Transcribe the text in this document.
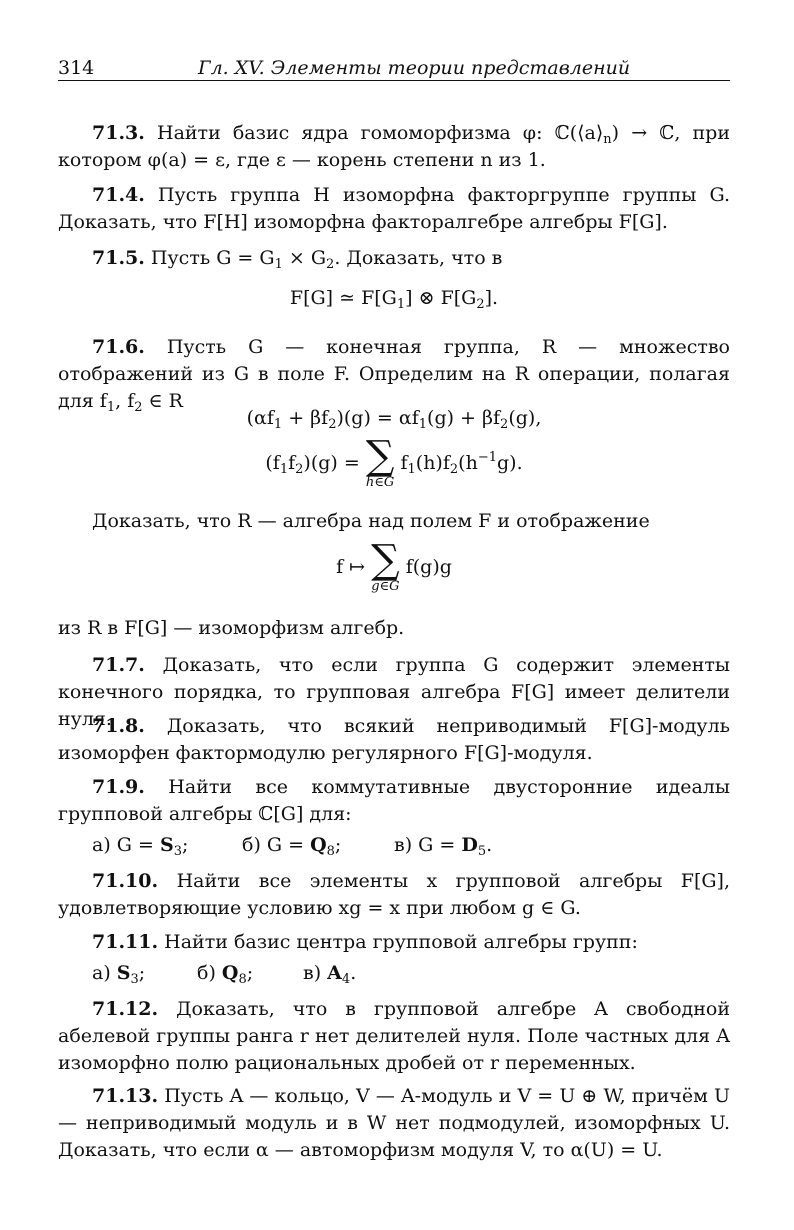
314	Гл. XV. Элементы теории представлений

71.3. Найти базис ядра гомоморфизма φ: $ℂ(⟨a⟩_n)$ → ℂ, при котором φ(a) = ε, где ε — корень степени n из 1.

71.4. Пусть группа H изоморфна факторгруппе группы G. Доказать, что F[H] изоморфна факторалгебре алгебры F[G].

71.5. Пусть $G = G_1 \times G_2$. Доказать, что в

F[G] ≃ $F[G_1]$ ⊗ $F[G_2]$.

71.6. Пусть G — конечная группа, R — множество отображений из G в поле F. Определим на R операции, полагая для $f_1$, $f_2$ ∈ R

$(\alpha f_1 + \beta f_2)(g) = \alpha f_1(g) + \beta f_2(g)$,
$(f_1f_2)(g)$ = ∑
h∈G
$f_1(h)f_2(h^{-1}g)$.

Доказать, что R — алгебра над полем F и отображение

f ↦ ∑
g∈G
f(g)g

из R в F[G] — изоморфизм алгебр.

71.7. Доказать, что если группа G содержит элементы конечного порядка, то групповая алгебра F[G] имеет делители нуля.

71.8. Доказать, что всякий неприводимый F[G]-модуль изоморфен фактормодулю регулярного F[G]-модуля.

71.9. Найти все коммутативные двусторонние идеалы групповой алгебры ℂ[G] для:

а) $G = S_3$;	б) $G = Q_8$;	в) $G = D_5$.

71.10. Найти все элементы x групповой алгебры F[G], удовлетворяющие условию xg = x при любом g ∈ G.

71.11. Найти базис центра групповой алгебры групп:

а) $S_3$;	б) $Q_8$;	в) $A_4$.

71.12. Доказать, что в групповой алгебре A свободной абелевой группы ранга r нет делителей нуля. Поле частных для A изоморфно полю рациональных дробей от r переменных.

71.13. Пусть A — кольцо, V — A-модуль и V = U ⊕ W, причём U — неприводимый модуль и в W нет подмодулей, изоморфных U. Доказать, что если α — автоморфизм модуля V, то α(U) = U.
